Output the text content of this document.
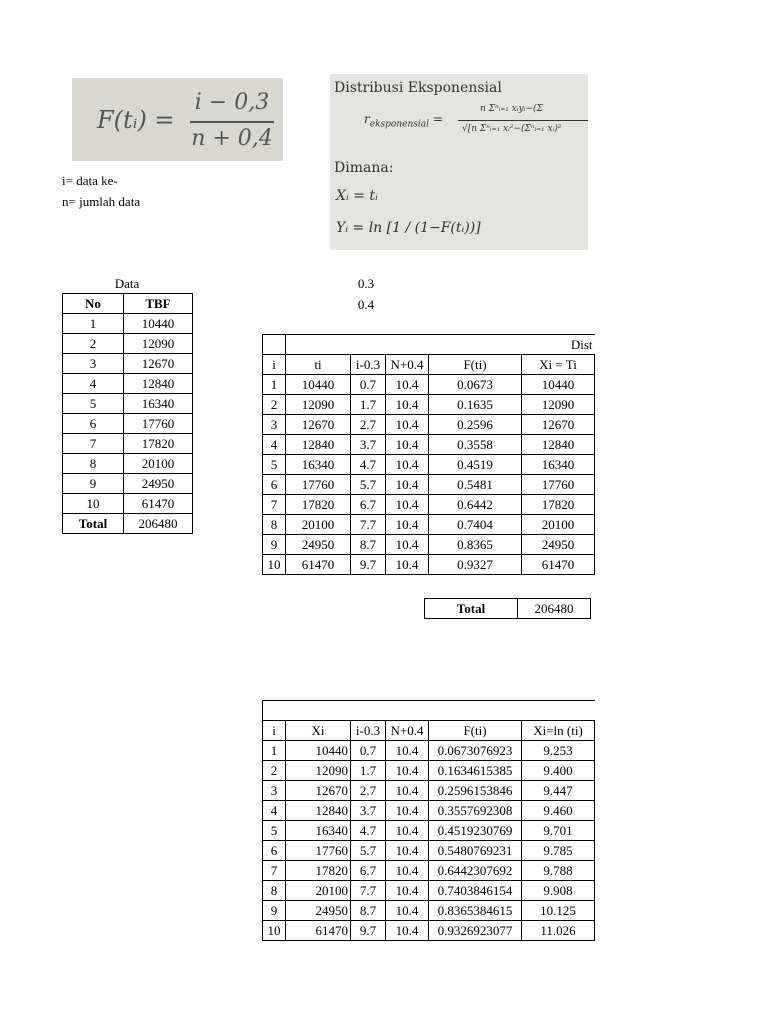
F(tᵢ) =
i − 0,3
n + 0,4
Distribusi Eksponensial
$r_{eksponensial}$ =
n Σⁿᵢ₌₁ xᵢyᵢ−(Σ
√[n Σⁿᵢ₌₁ xᵢ²−(Σⁿᵢ₌₁ xᵢ)²
Dimana:
Xᵢ = tᵢ
Yᵢ = ln [1 / (1−F(tᵢ))]
i= data ke-
n= jumlah data
0.3
0.4
Data
No	TBF
1	10440
2	12090
3	12670
4	12840
5	16340
6	17760
7	17820
8	20100
9	24950
10	61470
Total	206480
	Dist				
i	ti	i-0.3	N+0.4	F(ti)	Xi = Ti
1	10440	0.7	10.4	0.0673	10440
2	12090	1.7	10.4	0.1635	12090
3	12670	2.7	10.4	0.2596	12670
4	12840	3.7	10.4	0.3558	12840
5	16340	4.7	10.4	0.4519	16340
6	17760	5.7	10.4	0.5481	17760
7	17820	6.7	10.4	0.6442	17820
8	20100	7.7	10.4	0.7404	20100
9	24950	8.7	10.4	0.8365	24950
10	61470	9.7	10.4	0.9327	61470
Total	206480

i	Xi	i-0.3	N+0.4	F(ti)	Xi=ln (ti)
1	10440	0.7	10.4	0.0673076923	9.253
2	12090	1.7	10.4	0.1634615385	9.400
3	12670	2.7	10.4	0.2596153846	9.447
4	12840	3.7	10.4	0.3557692308	9.460
5	16340	4.7	10.4	0.4519230769	9.701
6	17760	5.7	10.4	0.5480769231	9.785
7	17820	6.7	10.4	0.6442307692	9.788
8	20100	7.7	10.4	0.7403846154	9.908
9	24950	8.7	10.4	0.8365384615	10.125
10	61470	9.7	10.4	0.9326923077	11.026
